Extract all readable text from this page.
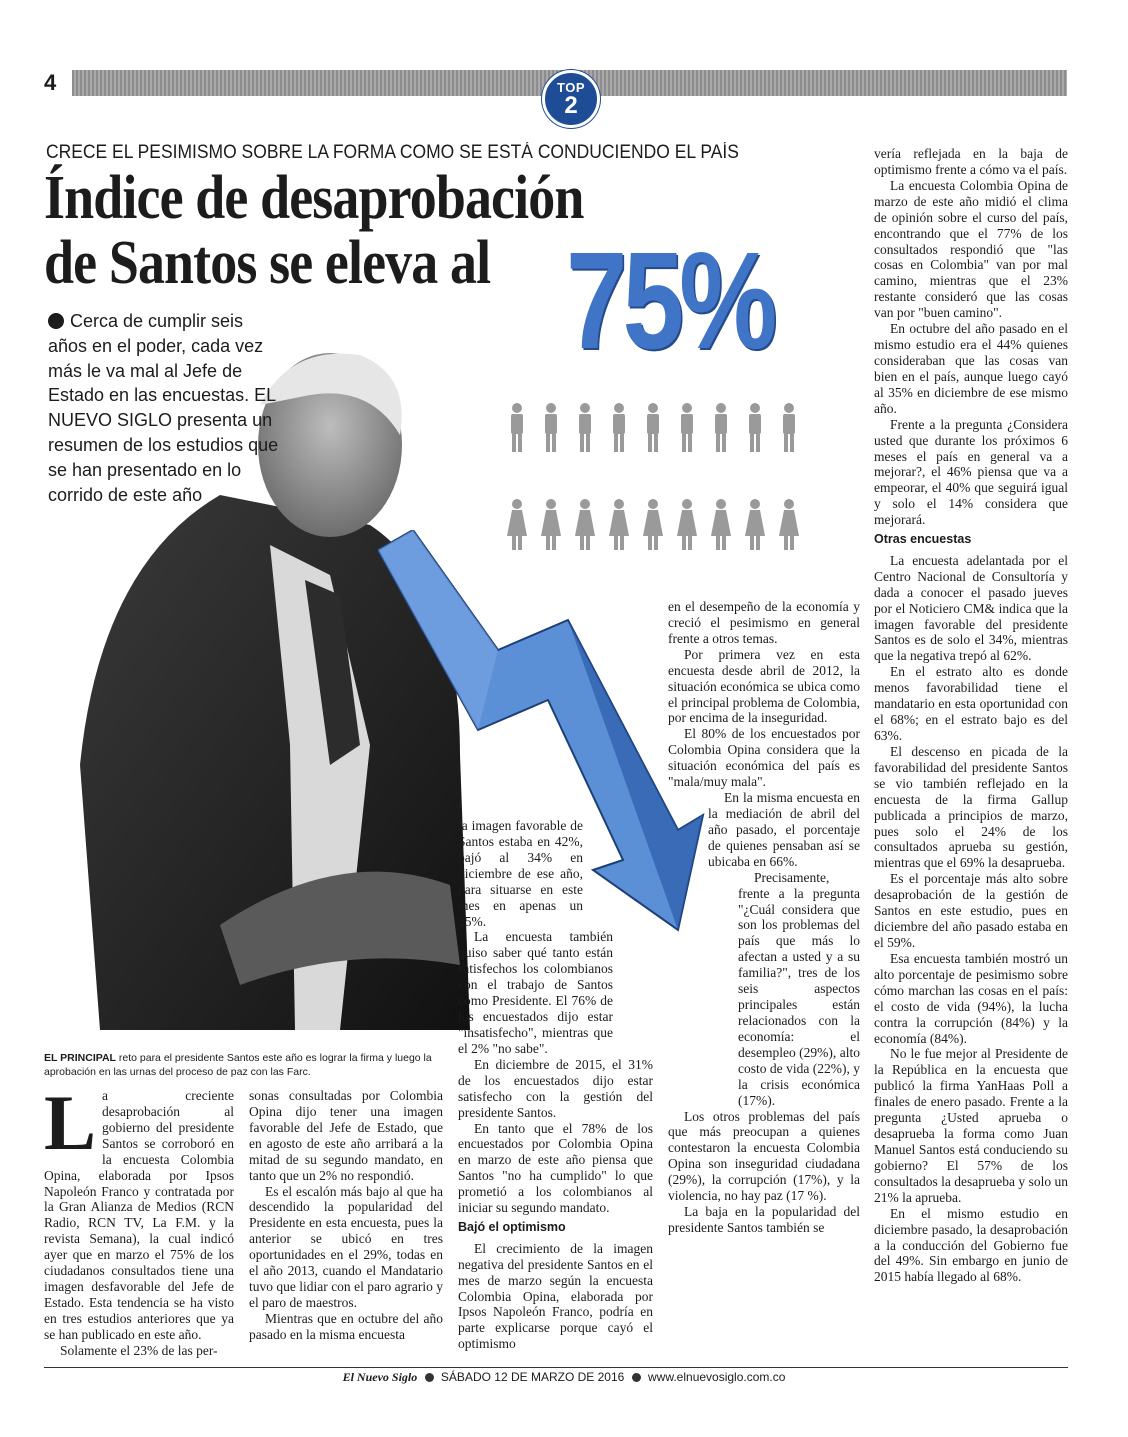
4	TOP
2
CRECE EL PESIMISMO SOBRE LA FORMA COMO SE ESTÁ CONDUCIENDO EL PAÍS
Índice de desaprobación
de Santos se eleva al 75%
Cerca de cumplir seis años en el poder, cada vez más le va mal al Jefe de Estado en las encuestas. EL NUEVO SIGLO presenta un resumen de los estudios que se han presentado en lo corrido de este año
EL PRINCIPAL reto para el presidente Santos este año es lograr la firma y luego la aprobación en las urnas del proceso de paz con las Farc.

La creciente desaprobación al gobierno del presidente Santos se corroboró en la encuesta Colombia Opina, elaborada por Ipsos Napoleón Franco y contratada por la Gran Alianza de Medios (RCN Radio, RCN TV, La F.M. y la revista Semana), la cual indicó ayer que en marzo el 75% de los ciudadanos consultados tiene una imagen desfavorable del Jefe de Estado. Esta tendencia se ha visto en tres estudios anteriores que ya se han publicado en este año.

Solamente el 23% de las per-

sonas consultadas por Colombia Opina dijo tener una imagen favorable del Jefe de Estado, que en agosto de este año arribará a la mitad de su segundo mandato, en tanto que un 2% no respondió.

Es el escalón más bajo al que ha descendido la popularidad del Presidente en esta encuesta, pues la anterior se ubicó en tres oportunidades en el 29%, todas en el año 2013, cuando el Mandatario tuvo que lidiar con el paro agrario y el paro de maestros.

Mientras que en octubre del año pasado en la misma encuesta

la imagen favorable de Santos estaba en 42%, bajó al 34% en diciembre de ese año, para situarse en este mes en apenas un 25%.

La encuesta también quiso saber qué tanto están satisfechos los colombianos con el trabajo de Santos como Presidente. El 76% de los encuestados dijo estar "insatisfecho", mientras que el 2% "no sabe".

En diciembre de 2015, el 31% de los encuestados dijo estar satisfecho con la gestión del presidente Santos.

En tanto que el 78% de los encuestados por Colombia Opina en marzo de este año piensa que Santos "no ha cumplido" lo que prometió a los colombianos al iniciar su segundo mandato.

Bajó el optimismo

El crecimiento de la imagen negativa del presidente Santos en el mes de marzo según la encuesta Colombia Opina, elaborada por Ipsos Napoleón Franco, podría en parte explicarse porque cayó el optimismo

en el desempeño de la economía y creció el pesimismo en general frente a otros temas.

Por primera vez en esta encuesta desde abril de 2012, la situación económica se ubica como el principal problema de Colombia, por encima de la inseguridad.

El 80% de los encuestados por Colombia Opina considera que la situación económica del país es "mala/muy mala".

En la misma encuesta en la mediación de abril del año pasado, el porcentaje de quienes pensaban así se ubicaba en 66%.

Precisamente, frente a la pregunta "¿Cuál considera que son los problemas del país que más lo afectan a usted y a su familia?", tres de los seis aspectos principales están relacionados con la economía: el desempleo (29%), alto costo de vida (22%), y la crisis económica (17%).

Los otros problemas del país que más preocupan a quienes contestaron la encuesta Colombia Opina son inseguridad ciudadana (29%), la corrupción (17%), y la violencia, no hay paz (17 %).

La baja en la popularidad del presidente Santos también se

vería reflejada en la baja de optimismo frente a cómo va el país.

La encuesta Colombia Opina de marzo de este año midió el clima de opinión sobre el curso del país, encontrando que el 77% de los consultados respondió que "las cosas en Colombia" van por mal camino, mientras que el 23% restante consideró que las cosas van por "buen camino".

En octubre del año pasado en el mismo estudio era el 44% quienes consideraban que las cosas van bien en el país, aunque luego cayó al 35% en diciembre de ese mismo año.

Frente a la pregunta ¿Considera usted que durante los próximos 6 meses el país en general va a mejorar?, el 46% piensa que va a empeorar, el 40% que seguirá igual y solo el 14% considera que mejorará.

Otras encuestas

La encuesta adelantada por el Centro Nacional de Consultoría y dada a conocer el pasado jueves por el Noticiero CM& indica que la imagen favorable del presidente Santos es de solo el 34%, mientras que la negativa trepó al 62%.

En el estrato alto es donde menos favorabilidad tiene el mandatario en esta oportunidad con el 68%; en el estrato bajo es del 63%.

El descenso en picada de la favorabilidad del presidente Santos se vio también reflejado en la encuesta de la firma Gallup publicada a principios de marzo, pues solo el 24% de los consultados aprueba su gestión, mientras que el 69% la desaprueba.

Es el porcentaje más alto sobre desaprobación de la gestión de Santos en este estudio, pues en diciembre del año pasado estaba en el 59%.

Esa encuesta también mostró un alto porcentaje de pesimismo sobre cómo marchan las cosas en el país: el costo de vida (94%), la lucha contra la corrupción (84%) y la economía (84%).

No le fue mejor al Presidente de la República en la encuesta que publicó la firma YanHaas Poll a finales de enero pasado. Frente a la pregunta ¿Usted aprueba o desaprueba la forma como Juan Manuel Santos está conduciendo su gobierno? El 57% de los consultados la desaprueba y solo un 21% la aprueba.

En el mismo estudio en diciembre pasado, la desaprobación a la conducción del Gobierno fue del 49%. Sin embargo en junio de 2015 había llegado al 68%.

El Nuevo Siglo SÁBADO 12 DE MARZO DE 2016 www.elnuevosiglo.com.co
